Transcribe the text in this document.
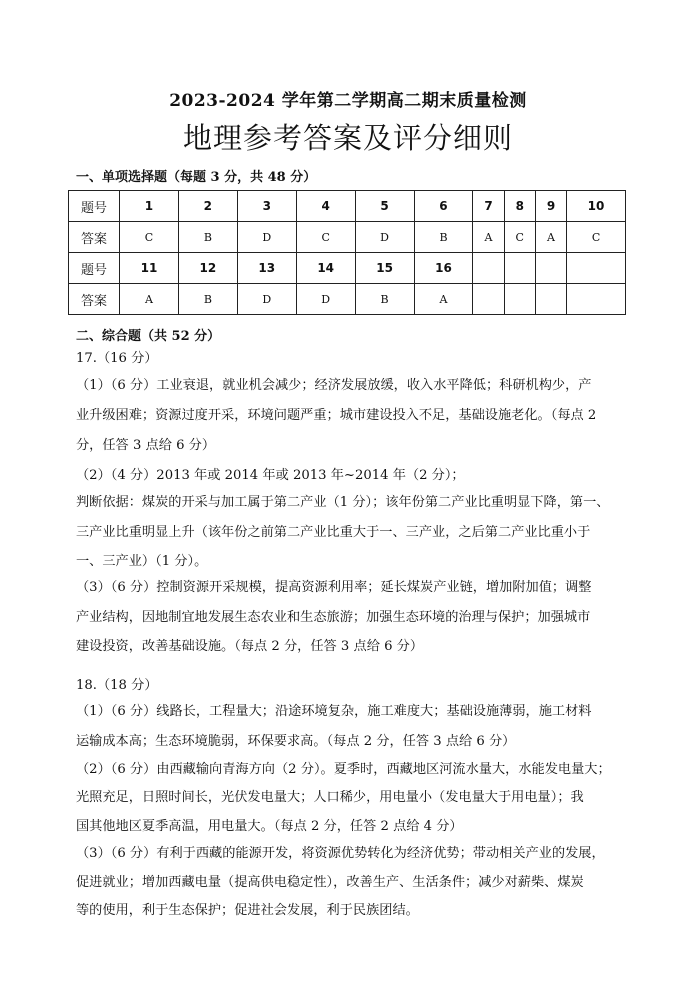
2023-2024 学年第二学期高二期末质量检测
地理参考答案及评分细则
一、单项选择题（每题 3 分，共 48 分）
题号	1	2	3	4	5	6	7	8	9	10
答案	C	B	D	C	D	B	A	C	A	C
题号	11	12	13	14	15	16				
答案	A	B	D	D	B	A				
二、综合题（共 52 分）
17.（16 分）
（1）（6 分）工业衰退，就业机会减少；经济发展放缓，收入水平降低；科研机构少，产
业升级困难；资源过度开采，环境问题严重；城市建设投入不足，基础设施老化。（每点 2
分，任答 3 点给 6 分）
（2）（4 分）2013 年或 2014 年或 2013 年~2014 年（2 分）；
判断依据：煤炭的开采与加工属于第二产业（1 分）；该年份第二产业比重明显下降，第一、
三产业比重明显上升（该年份之前第二产业比重大于一、三产业，之后第二产业比重小于
一、三产业）（1 分）。
（3）（6 分）控制资源开采规模，提高资源利用率；延长煤炭产业链，增加附加值；调整
产业结构，因地制宜地发展生态农业和生态旅游；加强生态环境的治理与保护；加强城市
建设投资，改善基础设施。（每点 2 分，任答 3 点给 6 分）
18.（18 分）
（1）（6 分）线路长，工程量大；沿途环境复杂，施工难度大；基础设施薄弱，施工材料
运输成本高；生态环境脆弱，环保要求高。（每点 2 分，任答 3 点给 6 分）
（2）（6 分）由西藏输向青海方向（2 分）。夏季时，西藏地区河流水量大，水能发电量大；
光照充足，日照时间长，光伏发电量大；人口稀少，用电量小（发电量大于用电量）；我
国其他地区夏季高温，用电量大。（每点 2 分，任答 2 点给 4 分）
（3）（6 分）有利于西藏的能源开发，将资源优势转化为经济优势；带动相关产业的发展，
促进就业；增加西藏电量（提高供电稳定性），改善生产、生活条件；减少对薪柴、煤炭
等的使用，利于生态保护；促进社会发展，利于民族团结。
